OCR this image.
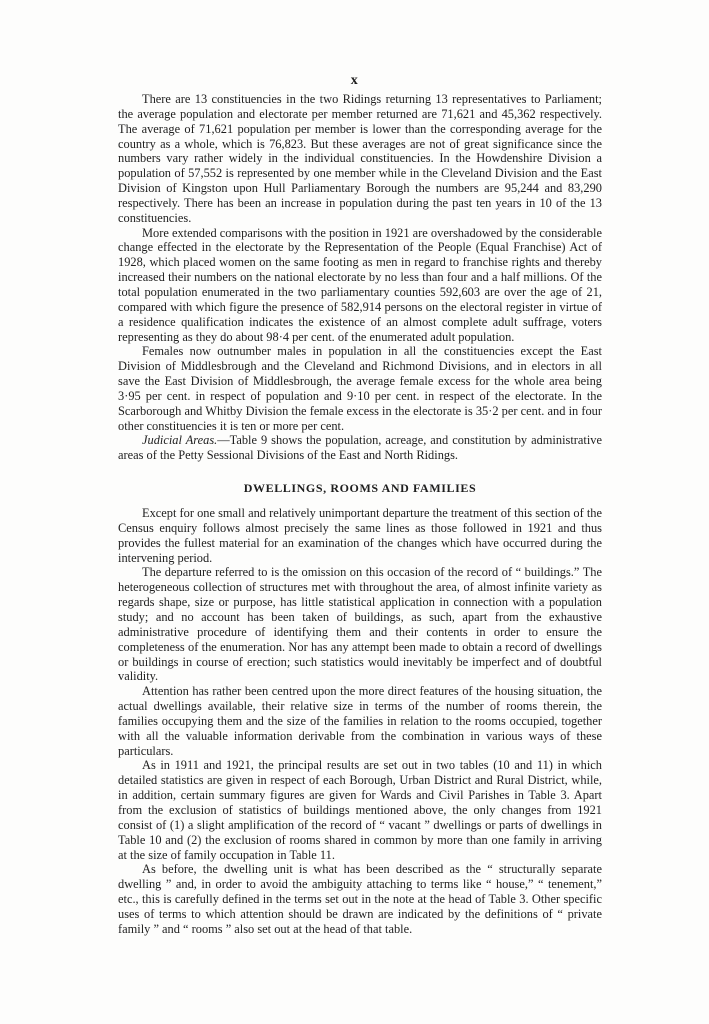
x

There are 13 constituencies in the two Ridings returning 13 representatives to Parliament; the average population and electorate per member returned are 71,621 and 45,362 respectively. The average of 71,621 population per member is lower than the corresponding average for the country as a whole, which is 76,823. But these averages are not of great significance since the numbers vary rather widely in the individual constituencies. In the Howdenshire Division a population of 57,552 is represented by one member while in the Cleveland Division and the East Division of Kingston upon Hull Parliamentary Borough the numbers are 95,244 and 83,290 respectively. There has been an increase in population during the past ten years in 10 of the 13 constituencies.

More extended comparisons with the position in 1921 are overshadowed by the considerable change effected in the electorate by the Representation of the People (Equal Franchise) Act of 1928, which placed women on the same footing as men in regard to franchise rights and thereby increased their numbers on the national electorate by no less than four and a half millions. Of the total population enumerated in the two parliamentary counties 592,603 are over the age of 21, compared with which figure the presence of 582,914 persons on the electoral register in virtue of a residence qualification indicates the existence of an almost complete adult suffrage, voters representing as they do about 98·4 per cent. of the enumerated adult population.

Females now outnumber males in population in all the constituencies except the East Division of Middlesbrough and the Cleveland and Richmond Divisions, and in electors in all save the East Division of Middlesbrough, the average female excess for the whole area being 3·95 per cent. in respect of population and 9·10 per cent. in respect of the electorate. In the Scarborough and Whitby Division the female excess in the electorate is 35·2 per cent. and in four other constituencies it is ten or more per cent.

Judicial Areas.—Table 9 shows the population, acreage, and constitution by administrative areas of the Petty Sessional Divisions of the East and North Ridings.

DWELLINGS, ROOMS AND FAMILIES

Except for one small and relatively unimportant departure the treatment of this section of the Census enquiry follows almost precisely the same lines as those followed in 1921 and thus provides the fullest material for an examination of the changes which have occurred during the intervening period.

The departure referred to is the omission on this occasion of the record of “ buildings.” The heterogeneous collection of structures met with throughout the area, of almost infinite variety as regards shape, size or purpose, has little statistical application in connection with a population study; and no account has been taken of buildings, as such, apart from the exhaustive administrative procedure of identifying them and their contents in order to ensure the completeness of the enumeration. Nor has any attempt been made to obtain a record of dwellings or buildings in course of erection; such statistics would inevitably be imperfect and of doubtful validity.

Attention has rather been centred upon the more direct features of the housing situation, the actual dwellings available, their relative size in terms of the number of rooms therein, the families occupying them and the size of the families in relation to the rooms occupied, together with all the valuable information derivable from the combination in various ways of these particulars.

As in 1911 and 1921, the principal results are set out in two tables (10 and 11) in which detailed statistics are given in respect of each Borough, Urban District and Rural District, while, in addition, certain summary figures are given for Wards and Civil Parishes in Table 3. Apart from the exclusion of statistics of buildings mentioned above, the only changes from 1921 consist of (1) a slight amplification of the record of “ vacant ” dwellings or parts of dwellings in Table 10 and (2) the exclusion of rooms shared in common by more than one family in arriving at the size of family occupation in Table 11.

As before, the dwelling unit is what has been described as the “ structurally separate dwelling ” and, in order to avoid the ambiguity attaching to terms like “ house,” “ tenement,” etc., this is carefully defined in the terms set out in the note at the head of Table 3. Other specific uses of terms to which attention should be drawn are indicated by the definitions of “ private family ” and “ rooms ” also set out at the head of that table.
